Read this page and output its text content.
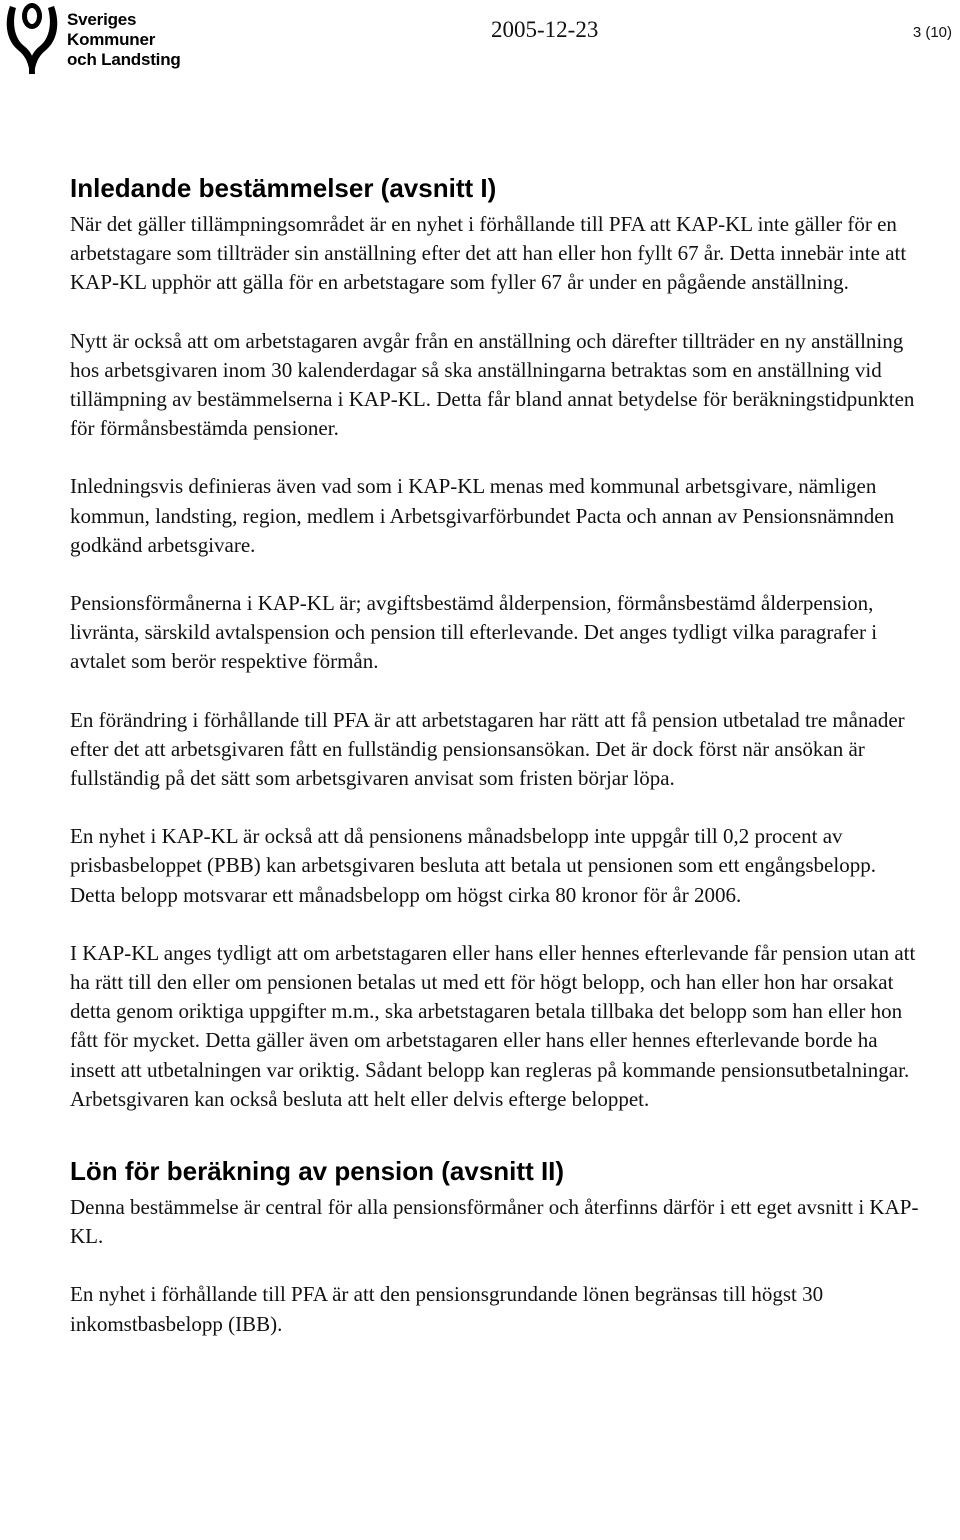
Sveriges
Kommuner
och Landsting
2005-12-23	3 (10)
Inledande bestämmelser (avsnitt I)

När det gäller tillämpningsområdet är en nyhet i förhållande till PFA att KAP-KL inte gäller för en arbetstagare som tillträder sin anställning efter det att han eller hon fyllt 67 år. Detta innebär inte att KAP-KL upphör att gälla för en arbetstagare som fyller 67 år under en pågående anställning.

Nytt är också att om arbetstagaren avgår från en anställning och därefter tillträder en ny anställning hos arbetsgivaren inom 30 kalenderdagar så ska anställningarna betraktas som en anställning vid tillämpning av bestämmelserna i KAP-KL. Detta får bland annat betydelse för beräkningstidpunkten för förmånsbestämda pensioner.

Inledningsvis definieras även vad som i KAP-KL menas med kommunal arbetsgivare, nämligen kommun, landsting, region, medlem i Arbetsgivarförbundet Pacta och annan av Pensionsnämnden godkänd arbetsgivare.

Pensionsförmånerna i KAP-KL är; avgiftsbestämd ålderpension, förmånsbestämd ålderpension, livränta, särskild avtalspension och pension till efterlevande. Det anges tydligt vilka paragrafer i avtalet som berör respektive förmån.

En förändring i förhållande till PFA är att arbetstagaren har rätt att få pension utbetalad tre månader efter det att arbetsgivaren fått en fullständig pensionsansökan. Det är dock först när ansökan är fullständig på det sätt som arbetsgivaren anvisat som fristen börjar löpa.

En nyhet i KAP-KL är också att då pensionens månadsbelopp inte uppgår till 0,2 procent av prisbasbeloppet (PBB) kan arbetsgivaren besluta att betala ut pensionen som ett engångsbelopp. Detta belopp motsvarar ett månadsbelopp om högst cirka 80 kronor för år 2006.

I KAP-KL anges tydligt att om arbetstagaren eller hans eller hennes efterlevande får pension utan att ha rätt till den eller om pensionen betalas ut med ett för högt belopp, och han eller hon har orsakat detta genom oriktiga uppgifter m.m., ska arbetstagaren betala tillbaka det belopp som han eller hon fått för mycket. Detta gäller även om arbetstagaren eller hans eller hennes efterlevande borde ha insett att utbetalningen var oriktig. Sådant belopp kan regleras på kommande pensionsutbetalningar. Arbetsgivaren kan också besluta att helt eller delvis efterge beloppet.

Lön för beräkning av pension (avsnitt II)

Denna bestämmelse är central för alla pensionsförmåner och återfinns därför i ett eget avsnitt i KAP-KL.

En nyhet i förhållande till PFA är att den pensionsgrundande lönen begränsas till högst 30 inkomstbasbelopp (IBB).
